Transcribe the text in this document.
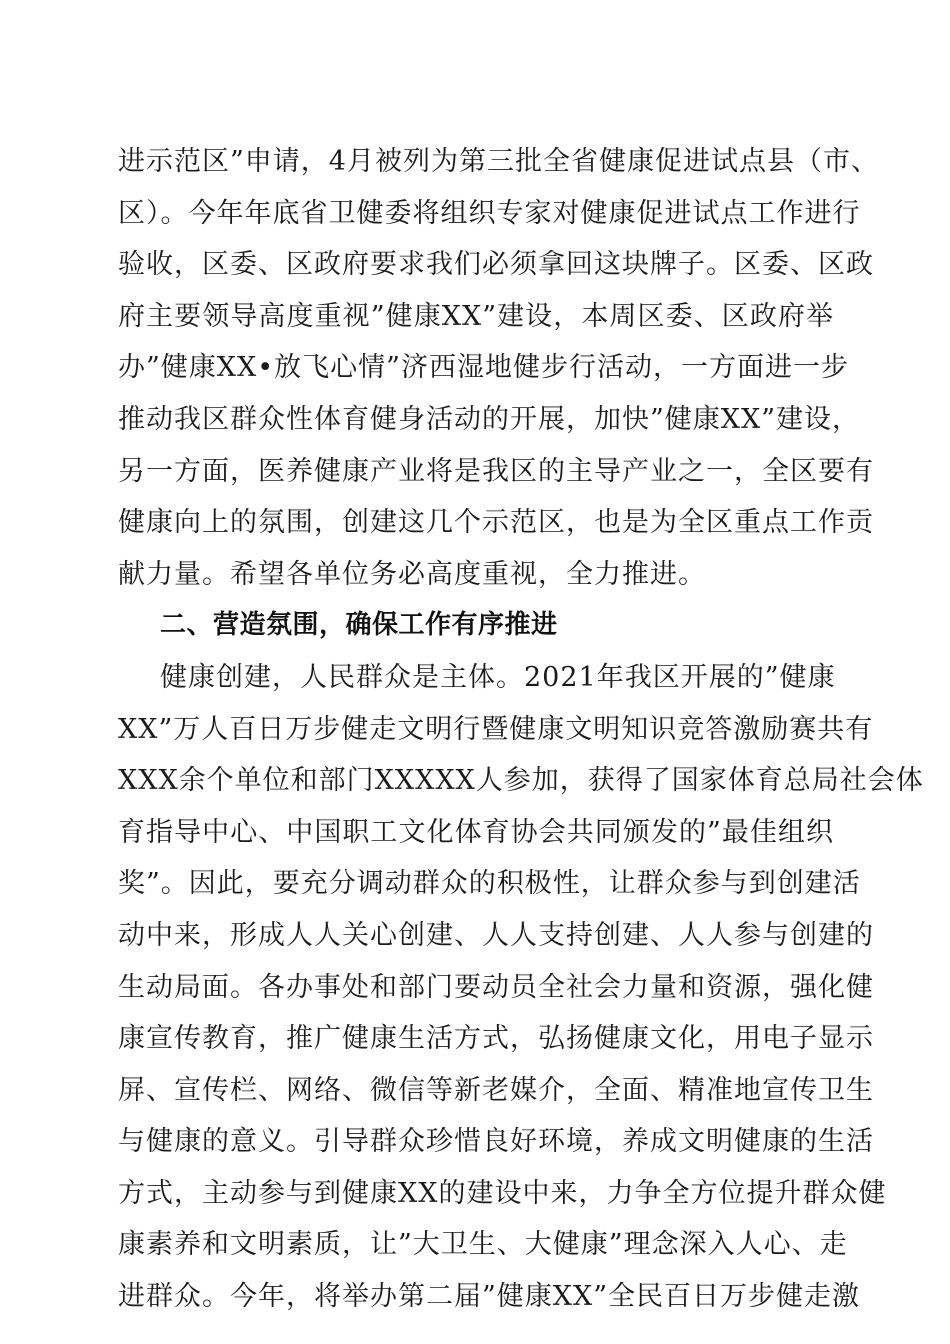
进示范区”申请，4月被列为第三批全省健康促进试点县（市、
区）。今年年底省卫健委将组织专家对健康促进试点工作进行
验收，区委、区政府要求我们必须拿回这块牌子。区委、区政
府主要领导高度重视”健康XX”建设，本周区委、区政府举
办”健康XX•放飞心情”济西湿地健步行活动，一方面进一步
推动我区群众性体育健身活动的开展，加快”健康XX”建设，
另一方面，医养健康产业将是我区的主导产业之一，全区要有
健康向上的氛围，创建这几个示范区，也是为全区重点工作贡
献力量。希望各单位务必高度重视，全力推进。
二、营造氛围，确保工作有序推进
健康创建，人民群众是主体。2021年我区开展的”健康
XX”万人百日万步健走文明行暨健康文明知识竞答激励赛共有
XXX余个单位和部门XXXXX人参加，获得了国家体育总局社会体
育指导中心、中国职工文化体育协会共同颁发的”最佳组织
奖”。因此，要充分调动群众的积极性，让群众参与到创建活
动中来，形成人人关心创建、人人支持创建、人人参与创建的
生动局面。各办事处和部门要动员全社会力量和资源，强化健
康宣传教育，推广健康生活方式，弘扬健康文化，用电子显示
屏、宣传栏、网络、微信等新老媒介，全面、精准地宣传卫生
与健康的意义。引导群众珍惜良好环境，养成文明健康的生活
方式，主动参与到健康XX的建设中来，力争全方位提升群众健
康素养和文明素质，让”大卫生、大健康”理念深入人心、走
进群众。今年，将举办第二届”健康XX”全民百日万步健走激
